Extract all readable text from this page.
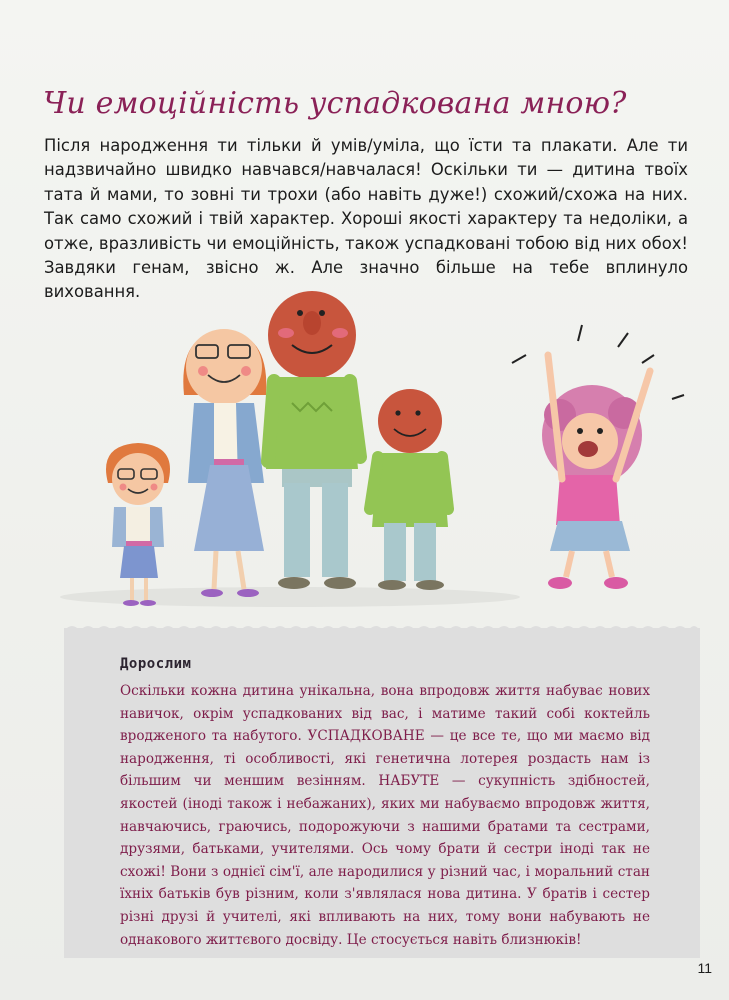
Чи емоційність успадкована мною?

Після народження ти тільки й умів/уміла, що їсти та плакати. Але ти надзвичайно швидко навчався/навчалася! Оскільки ти — дитина твоїх тата й мами, то зовні ти трохи (або навіть дуже!) схожий/схожа на них. Так само схожий і твій характер. Хороші якості характеру та недоліки, а отже, вразливість чи емоційність, також успадковані тобою від них обох! Завдяки генам, звісно ж. Але значно більше на тебе вплинуло виховання.

Дорослим

Оскільки кожна дитина унікальна, вона впродовж життя набуває нових навичок, окрім успадкованих від вас, і матиме такий собі коктейль вродженого та набутого. УСПАДКОВАНЕ — це все те, що ми маємо від народження, ті особливості, які генетична лотерея роздасть нам із більшим чи меншим везінням. НАБУТЕ — сукупність здібностей, якостей (іноді також і небажаних), яких ми набуваємо впродовж життя, навчаючись, граючись, подорожуючи з нашими братами та сестрами, друзями, батьками, учителями. Ось чому брати й сестри іноді так не схожі! Вони з однієї сім'ї, але народилися у різний час, і моральний стан їхніх батьків був різним, коли з'являлася нова дитина. У братів і сестер різні друзі й учителі, які впливають на них, тому вони набувають не однакового життєвого досвіду. Це стосується навіть близнюків!

11
